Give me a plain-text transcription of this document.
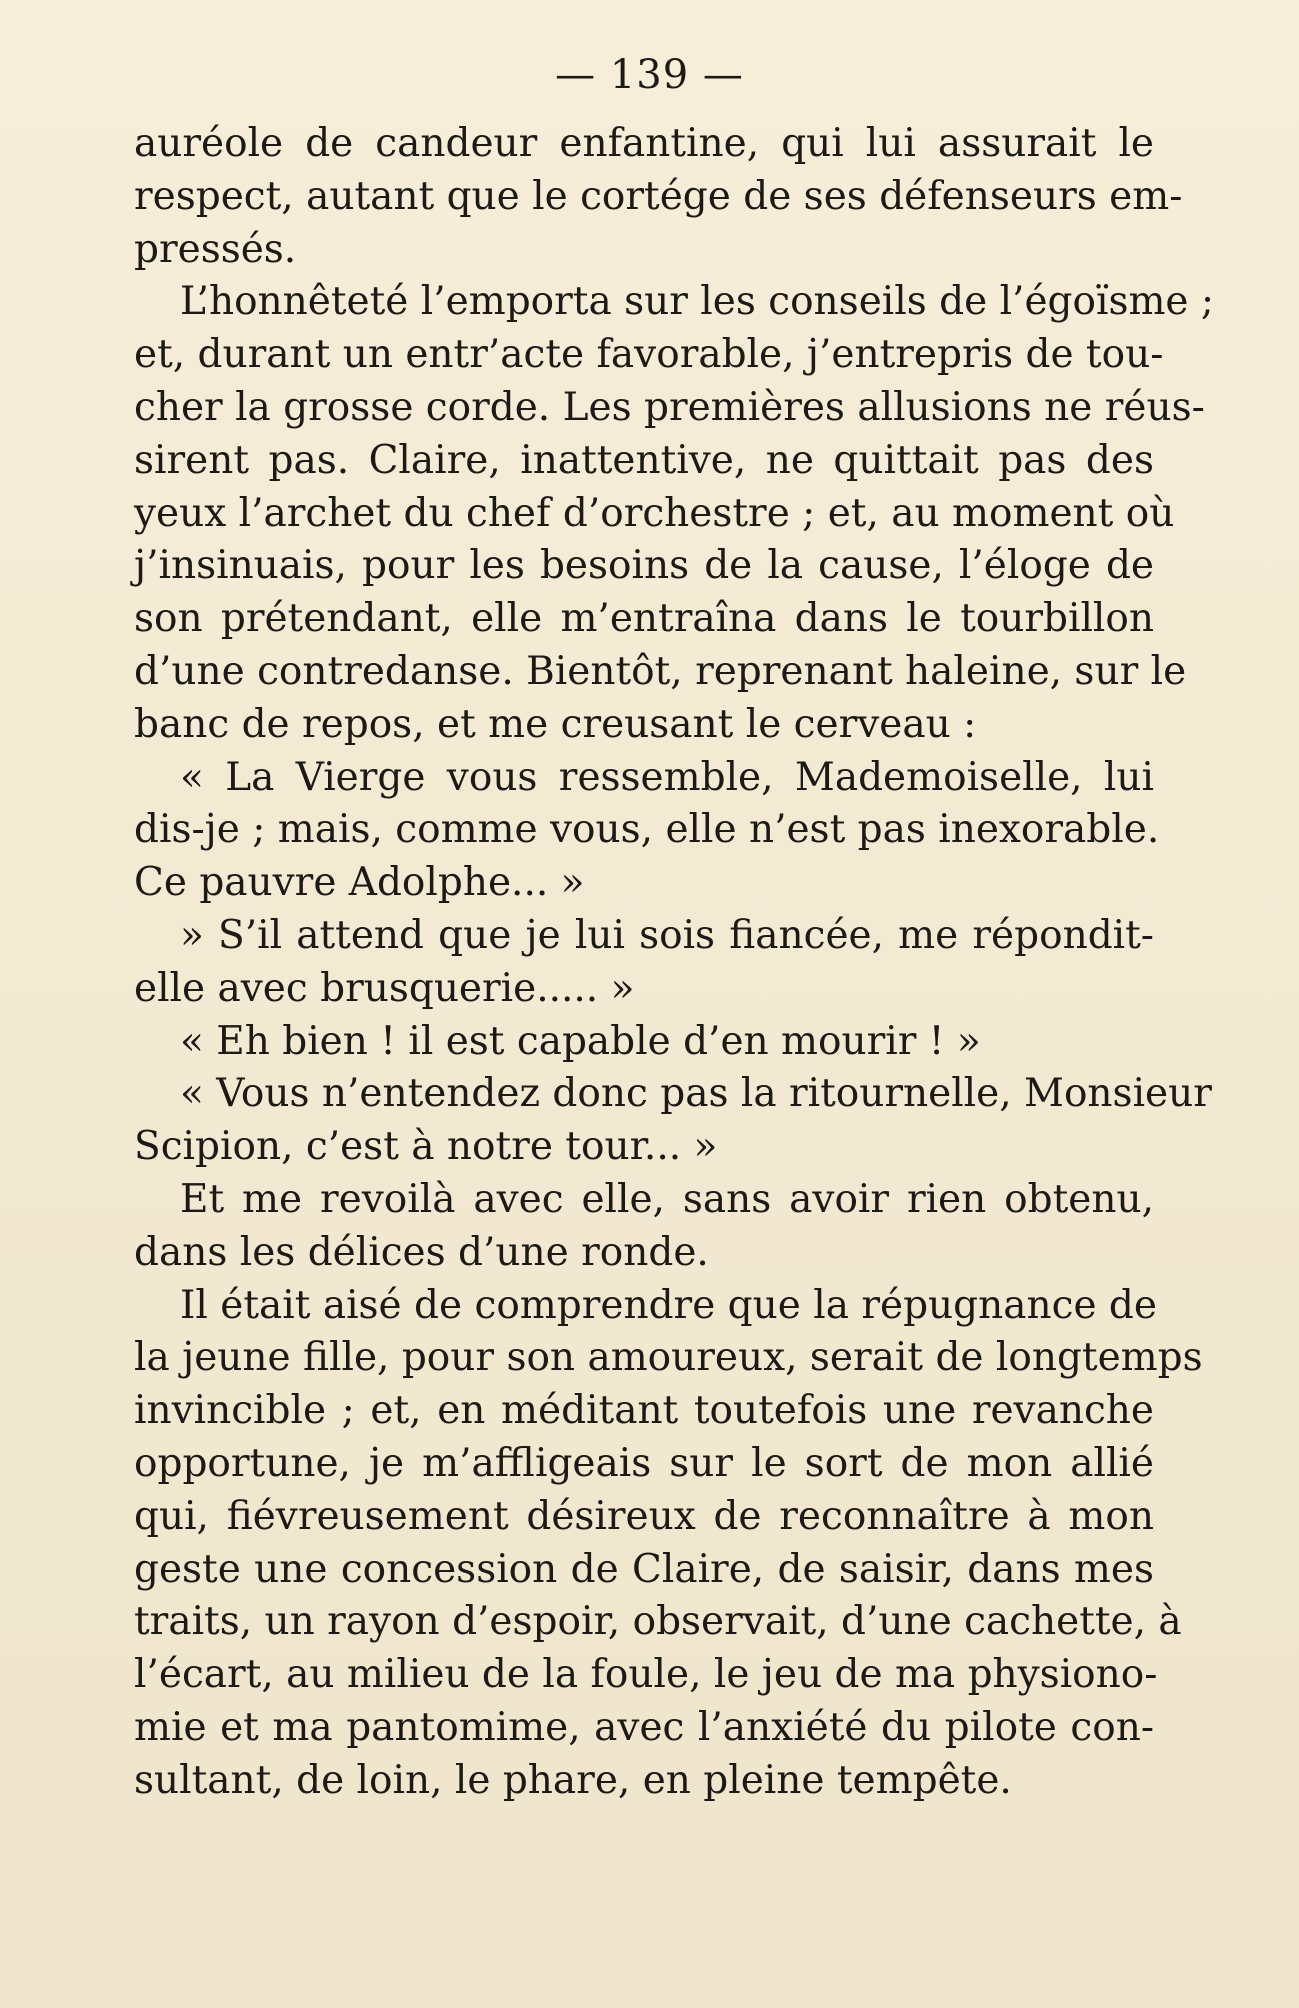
— 139 —
auréole de candeur enfantine, qui lui assurait le
respect, autant que le cortége de ses défenseurs em-
pressés.
L’honnêteté l’emporta sur les conseils de l’égoïsme ;
et, durant un entr’acte favorable, j’entrepris de tou-
cher la grosse corde. Les premières allusions ne réus-
sirent pas. Claire, inattentive, ne quittait pas des
yeux l’archet du chef d’orchestre ; et, au moment où
j’insinuais, pour les besoins de la cause, l’éloge de
son prétendant, elle m’entraîna dans le tourbillon
d’une contredanse. Bientôt, reprenant haleine, sur le
banc de repos, et me creusant le cerveau :
« La Vierge vous ressemble, Mademoiselle, lui
dis-je ; mais, comme vous, elle n’est pas inexorable.
Ce pauvre Adolphe... »
» S’il attend que je lui sois fiancée, me répondit-
elle avec brusquerie..... »
« Eh bien ! il est capable d’en mourir ! »
« Vous n’entendez donc pas la ritournelle, Monsieur
Scipion, c’est à notre tour... »
Et me revoilà avec elle, sans avoir rien obtenu,
dans les délices d’une ronde.
Il était aisé de comprendre que la répugnance de
la jeune fille, pour son amoureux, serait de longtemps
invincible ; et, en méditant toutefois une revanche
opportune, je m’affligeais sur le sort de mon allié
qui, fiévreusement désireux de reconnaître à mon
geste une concession de Claire, de saisir, dans mes
traits, un rayon d’espoir, observait, d’une cachette, à
l’écart, au milieu de la foule, le jeu de ma physiono-
mie et ma pantomime, avec l’anxiété du pilote con-
sultant, de loin, le phare, en pleine tempête.
